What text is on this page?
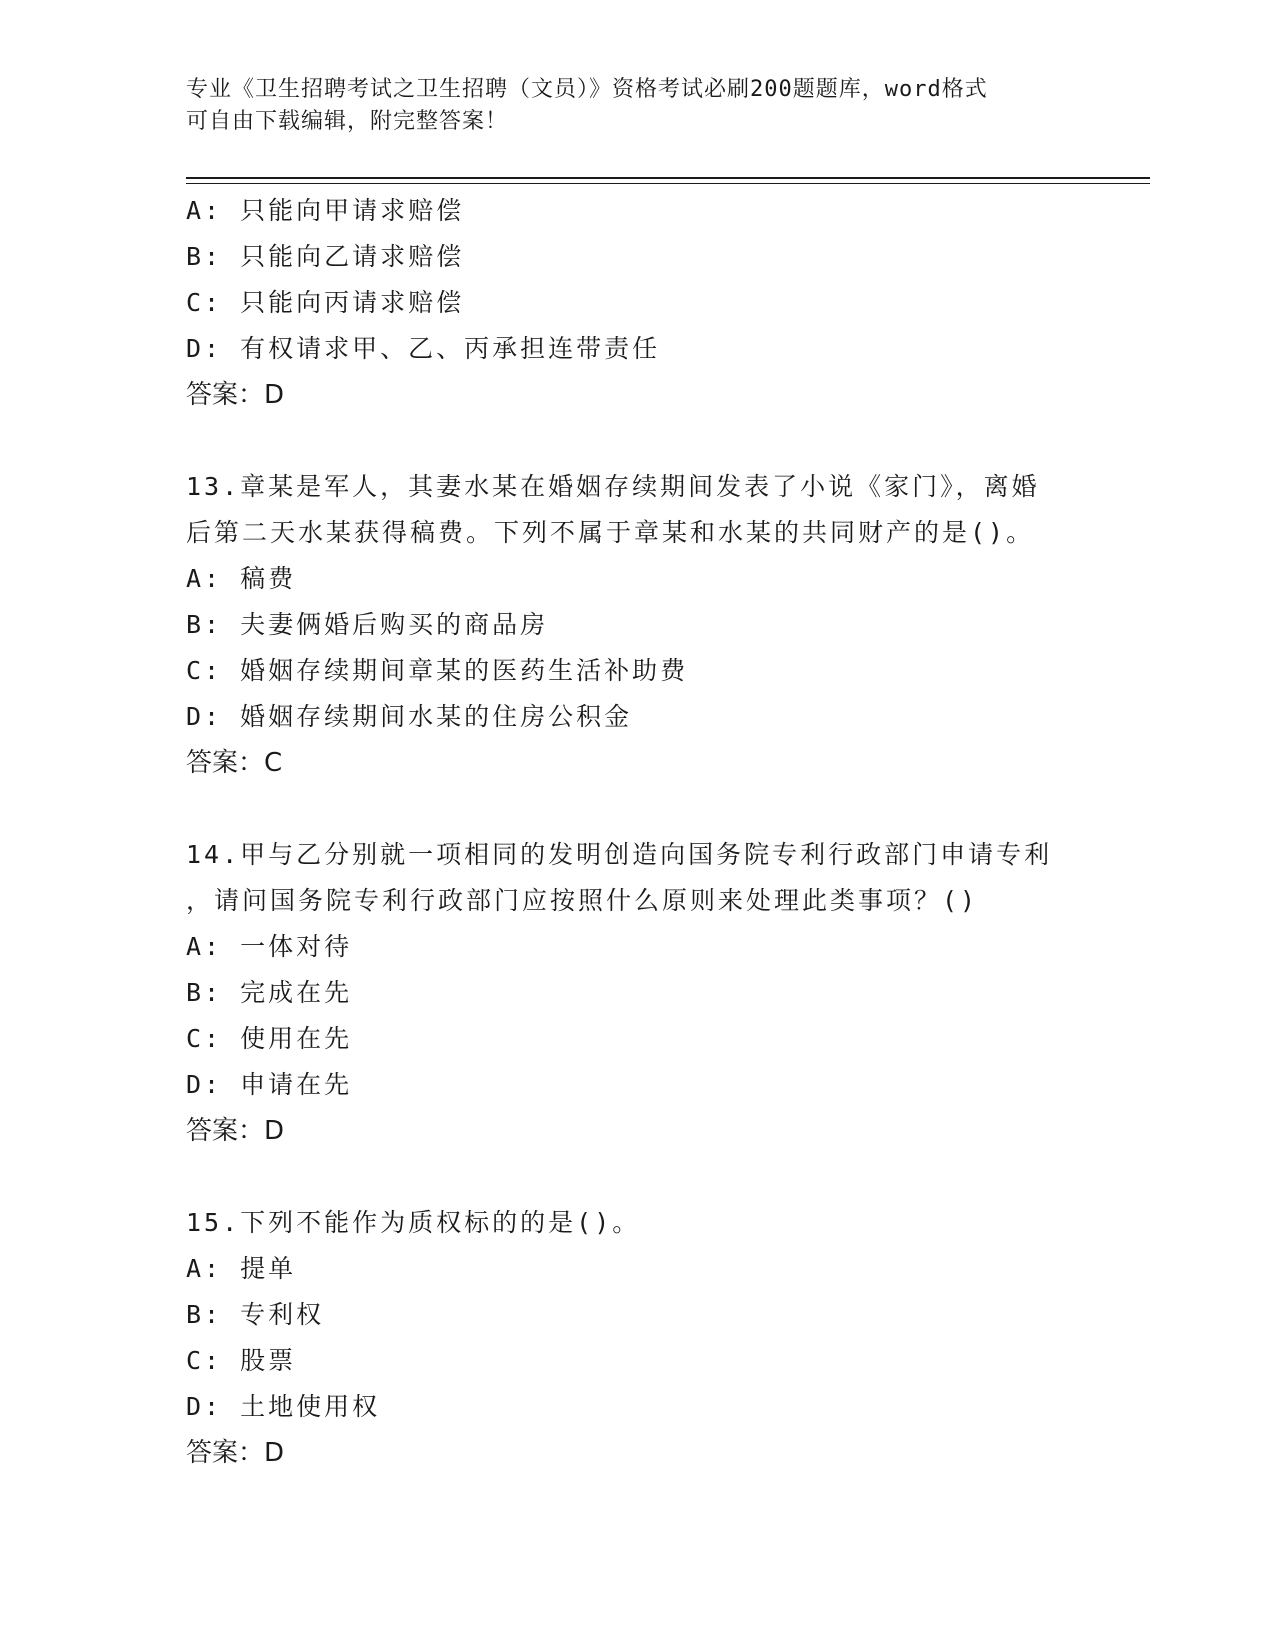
专业《卫生招聘考试之卫生招聘（文员）》资格考试必刷200题题库，word格式
可自由下载编辑，附完整答案！
A: 只能向甲请求赔偿
B: 只能向乙请求赔偿
C: 只能向丙请求赔偿
D: 有权请求甲、乙、丙承担连带责任
答案：D
13.章某是军人，其妻水某在婚姻存续期间发表了小说《家门》，离婚
后第二天水某获得稿费。下列不属于章某和水某的共同财产的是()。
A: 稿费
B: 夫妻俩婚后购买的商品房
C: 婚姻存续期间章某的医药生活补助费
D: 婚姻存续期间水某的住房公积金
答案：C
14.甲与乙分别就一项相同的发明创造向国务院专利行政部门申请专利
，请问国务院专利行政部门应按照什么原则来处理此类事项？()
A: 一体对待
B: 完成在先
C: 使用在先
D: 申请在先
答案：D
15.下列不能作为质权标的的是()。
A: 提单
B: 专利权
C: 股票
D: 土地使用权
答案：D
